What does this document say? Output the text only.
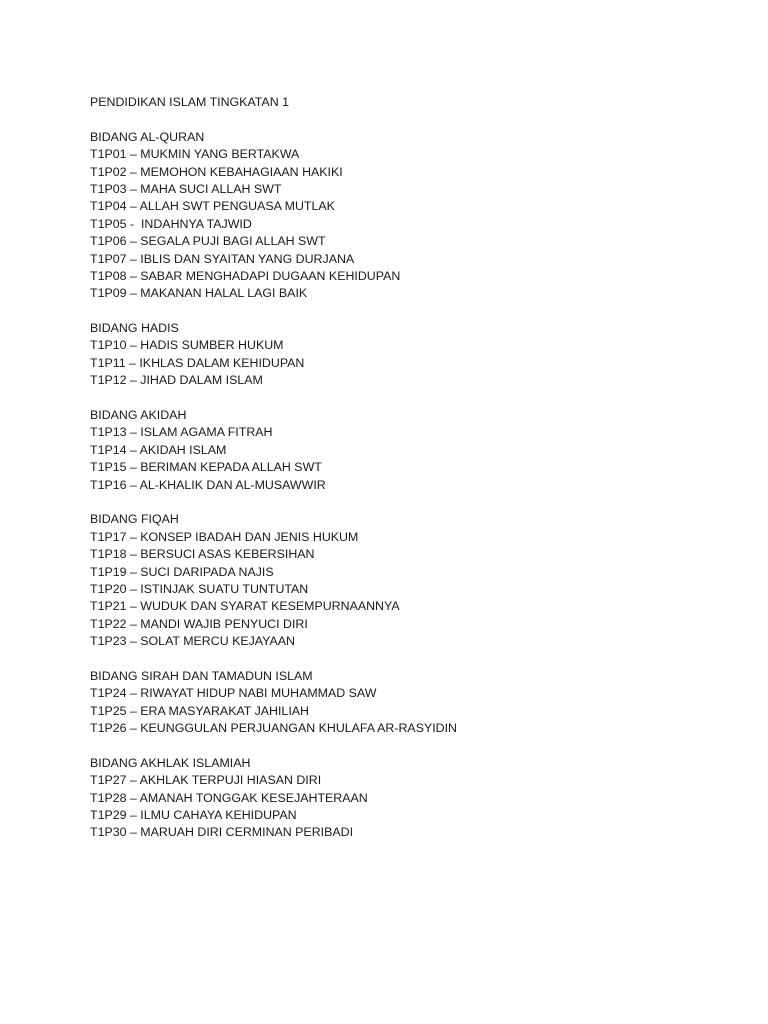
PENDIDIKAN ISLAM TINGKATAN 1
BIDANG AL-QURAN
T1P01 – MUKMIN YANG BERTAKWA
T1P02 – MEMOHON KEBAHAGIAAN HAKIKI
T1P03 – MAHA SUCI ALLAH SWT
T1P04 – ALLAH SWT PENGUASA MUTLAK
T1P05 -  INDAHNYA TAJWID
T1P06 – SEGALA PUJI BAGI ALLAH SWT
T1P07 – IBLIS DAN SYAITAN YANG DURJANA
T1P08 – SABAR MENGHADAPI DUGAAN KEHIDUPAN
T1P09 – MAKANAN HALAL LAGI BAIK
BIDANG HADIS
T1P10 – HADIS SUMBER HUKUM
T1P11 – IKHLAS DALAM KEHIDUPAN
T1P12 – JIHAD DALAM ISLAM
BIDANG AKIDAH
T1P13 – ISLAM AGAMA FITRAH
T1P14 – AKIDAH ISLAM
T1P15 – BERIMAN KEPADA ALLAH SWT
T1P16 – AL-KHALIK DAN AL-MUSAWWIR
BIDANG FIQAH
T1P17 – KONSEP IBADAH DAN JENIS HUKUM
T1P18 – BERSUCI ASAS KEBERSIHAN
T1P19 – SUCI DARIPADA NAJIS
T1P20 – ISTINJAK SUATU TUNTUTAN
T1P21 – WUDUK DAN SYARAT KESEMPURNAANNYA
T1P22 – MANDI WAJIB PENYUCI DIRI
T1P23 – SOLAT MERCU KEJAYAAN
BIDANG SIRAH DAN TAMADUN ISLAM
T1P24 – RIWAYAT HIDUP NABI MUHAMMAD SAW
T1P25 – ERA MASYARAKAT JAHILIAH
T1P26 – KEUNGGULAN PERJUANGAN KHULAFA AR-RASYIDIN
BIDANG AKHLAK ISLAMIAH
T1P27 – AKHLAK TERPUJI HIASAN DIRI
T1P28 – AMANAH TONGGAK KESEJAHTERAAN
T1P29 – ILMU CAHAYA KEHIDUPAN
T1P30 – MARUAH DIRI CERMINAN PERIBADI
